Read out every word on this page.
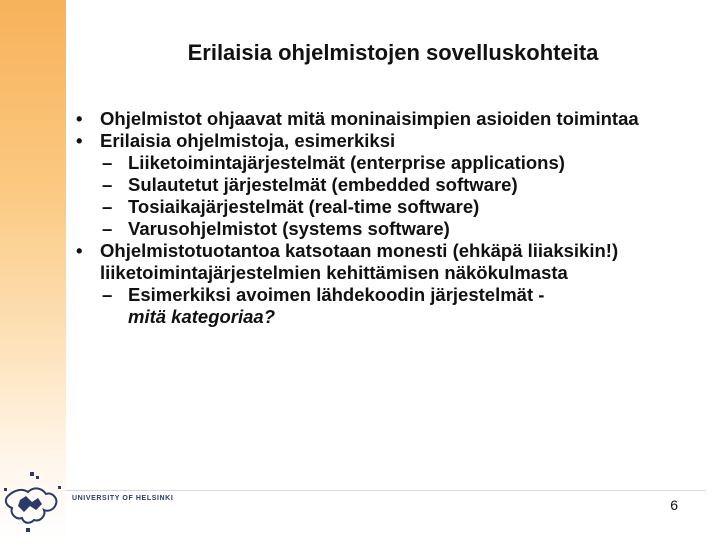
Erilaisia ohjelmistojen sovelluskohteita
• Ohjelmistot ohjaavat mitä moninaisimpien asioiden toimintaa
• Erilaisia ohjelmistoja, esimerkiksi
– Liiketoimintajärjestelmät (enterprise applications)
– Sulautetut järjestelmät (embedded software)
– Tosiaikajärjestelmät (real-time software)
– Varusohjelmistot (systems software)
• Ohjelmistotuotantoa katsotaan monesti (ehkäpä liiaksikin!) liiketoimintajärjestelmien kehittämisen näkökulmasta
– Esimerkiksi avoimen lähdekoodin järjestelmät -
mitä kategoriaa?
UNIVERSITY OF HELSINKI	6
